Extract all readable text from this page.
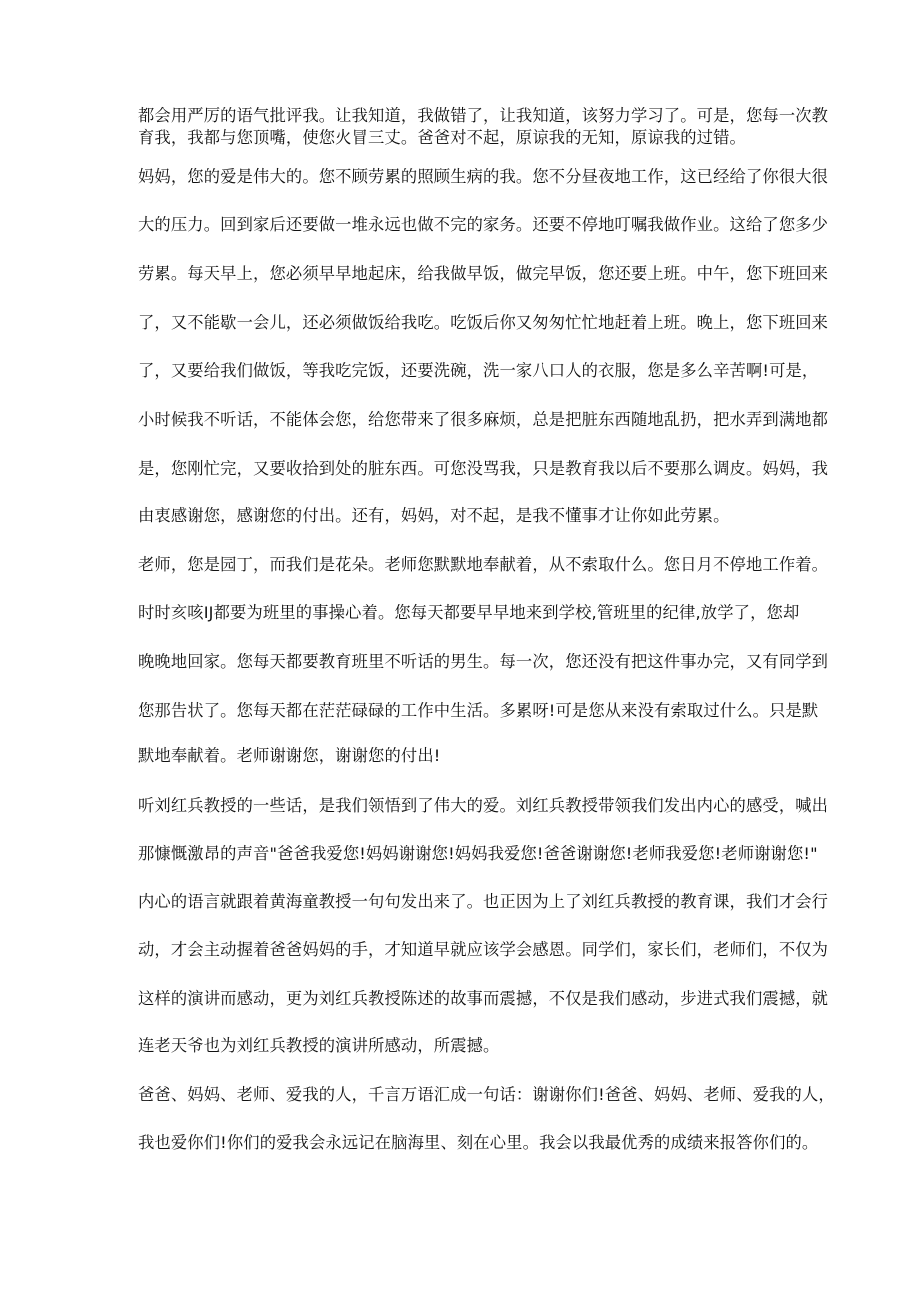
都会用严厉的语气批评我。让我知道，我做错了，让我知道，该努力学习了。可是，您每一次教
育我，我都与您顶嘴，使您火冒三丈。爸爸对不起，原谅我的无知，原谅我的过错。
妈妈，您的爱是伟大的。您不顾劳累的照顾生病的我。您不分昼夜地工作，这已经给了你很大很
大的压力。回到家后还要做一堆永远也做不完的家务。还要不停地叮嘱我做作业。这给了您多少
劳累。每天早上，您必须早早地起床，给我做早饭，做完早饭，您还要上班。中午，您下班回来
了，又不能歇一会儿，还必须做饭给我吃。吃饭后你又匆匆忙忙地赶着上班。晚上，您下班回来
了，又要给我们做饭，等我吃完饭，还要洗碗，洗一家八口人的衣服，您是多么辛苦啊!可是，
小时候我不听话，不能体会您，给您带来了很多麻烦，总是把脏东西随地乱扔，把水弄到满地都
是，您刚忙完，又要收拾到处的脏东西。可您没骂我，只是教育我以后不要那么调皮。妈妈，我
由衷感谢您，感谢您的付出。还有，妈妈，对不起，是我不懂事才让你如此劳累。
老师，您是园丁，而我们是花朵。老师您默默地奉献着，从不索取什么。您日月不停地工作着。
时时亥咳IJ都要为班里的事操心着。您每天都要早早地来到学校,管班里的纪律,放学了，您却
晚晚地回家。您每天都要教育班里不听话的男生。每一次，您还没有把这件事办完，又有同学到
您那告状了。您每天都在茫茫碌碌的工作中生活。多累呀!可是您从来没有索取过什么。只是默
默地奉献着。老师谢谢您，谢谢您的付出!
听刘红兵教授的一些话，是我们领悟到了伟大的爱。刘红兵教授带领我们发出内心的感受，喊出
那慷慨激昂的声音"爸爸我爱您!妈妈谢谢您!妈妈我爱您!爸爸谢谢您!老师我爱您!老师谢谢您!"
内心的语言就跟着黄海童教授一句句发出来了。也正因为上了刘红兵教授的教育课，我们才会行
动，才会主动握着爸爸妈妈的手，才知道早就应该学会感恩。同学们，家长们，老师们，不仅为
这样的演讲而感动，更为刘红兵教授陈述的故事而震撼，不仅是我们感动，步进式我们震撼，就
连老天爷也为刘红兵教授的演讲所感动，所震撼。
爸爸、妈妈、老师、爱我的人，千言万语汇成一句话：谢谢你们!爸爸、妈妈、老师、爱我的人，
我也爱你们!你们的爱我会永远记在脑海里、刻在心里。我会以我最优秀的成绩来报答你们的。
